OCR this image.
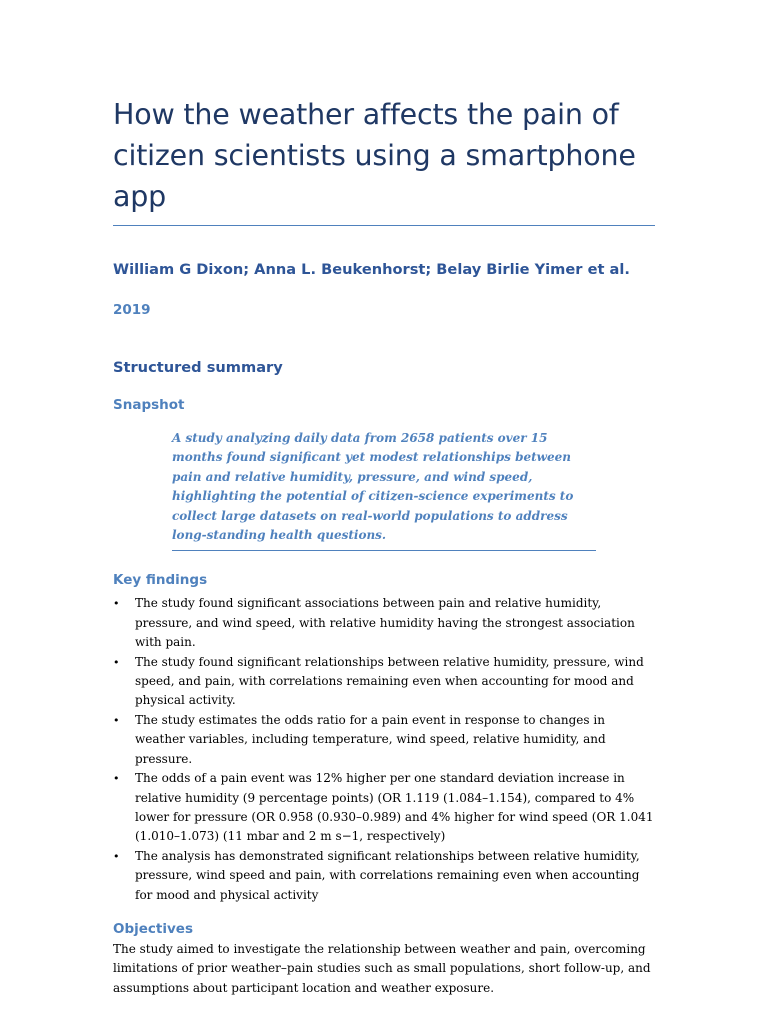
How the weather affects the pain of citizen scientists using a smartphone app
William G Dixon; Anna L. Beukenhorst; Belay Birlie Yimer et al.
2019
Structured summary
Snapshot
A study analyzing daily data from 2658 patients over 15 months found significant yet modest relationships between pain and relative humidity, pressure, and wind speed, highlighting the potential of citizen-science experiments to collect large datasets on real-world populations to address long-standing health questions.
Key findings
• The study found significant associations between pain and relative humidity, pressure, and wind speed, with relative humidity having the strongest association with pain.
• The study found significant relationships between relative humidity, pressure, wind speed, and pain, with correlations remaining even when accounting for mood and physical activity.
• The study estimates the odds ratio for a pain event in response to changes in weather variables, including temperature, wind speed, relative humidity, and pressure.
• The odds of a pain event was 12% higher per one standard deviation increase in relative humidity (9 percentage points) (OR 1.119 (1.084–1.154), compared to 4% lower for pressure (OR 0.958 (0.930–0.989) and 4% higher for wind speed (OR 1.041 (1.010–1.073) (11 mbar and 2 m s−1, respectively)
• The analysis has demonstrated significant relationships between relative humidity, pressure, wind speed and pain, with correlations remaining even when accounting for mood and physical activity
Objectives

The study aimed to investigate the relationship between weather and pain, overcoming limitations of prior weather–pain studies such as small populations, short follow-up, and assumptions about participant location and weather exposure.
